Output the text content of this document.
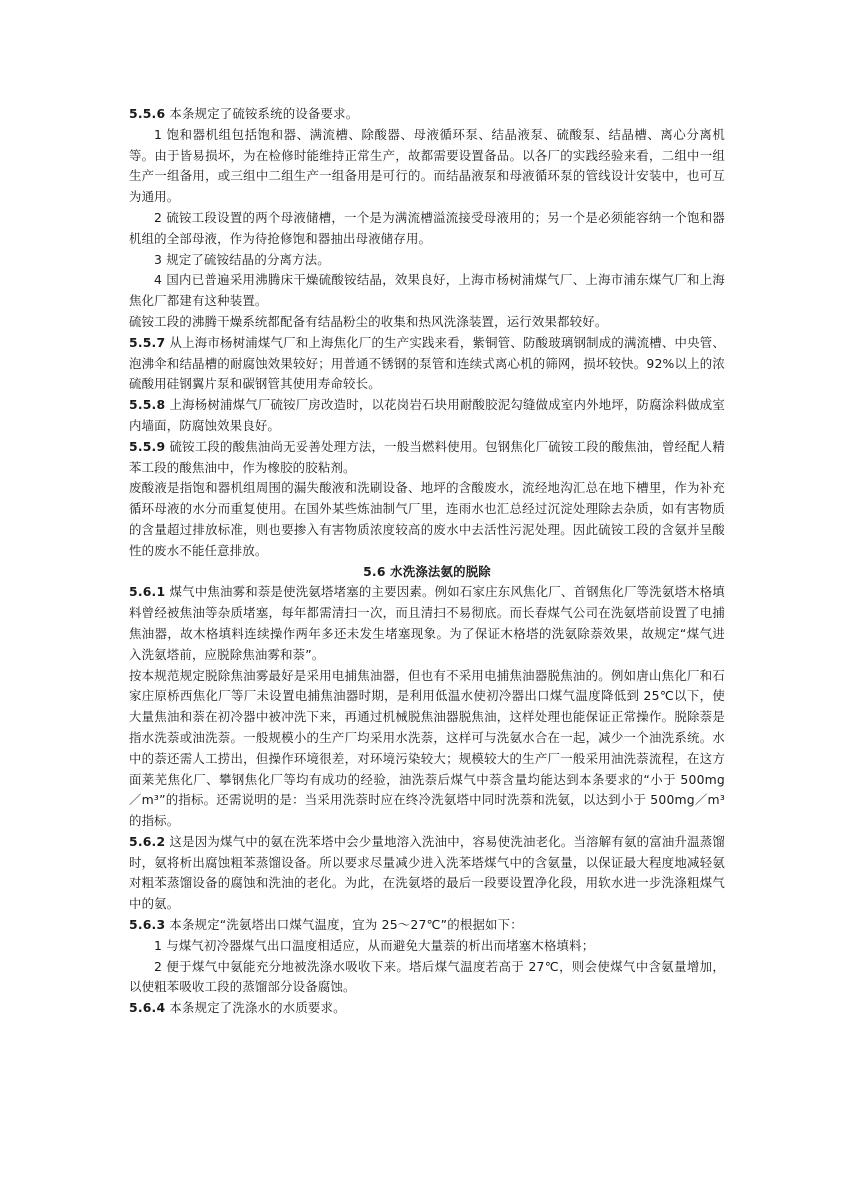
5.5.6 本条规定了硫铵系统的设备要求。

1 饱和器机组包括饱和器、满流槽、除酸器、母液循环泵、结晶液泵、硫酸泵、结晶槽、离心分离机等。由于皆易损坏，为在检修时能维持正常生产，故都需要设置备品。以各厂的实践经验来看，二组中一组生产一组备用，或三组中二组生产一组备用是可行的。而结晶液泵和母液循环泵的管线设计安装中，也可互为通用。

2 硫铵工段设置的两个母液储槽，一个是为满流槽溢流接受母液用的；另一个是必须能容纳一个饱和器机组的全部母液，作为待抢修饱和器抽出母液储存用。

3 规定了硫铵结晶的分离方法。

4 国内已普遍采用沸腾床干燥硫酸铵结晶，效果良好，上海市杨树浦煤气厂、上海市浦东煤气厂和上海焦化厂都建有这种装置。

硫铵工段的沸腾干燥系统都配备有结晶粉尘的收集和热风洗涤装置，运行效果都较好。

5.5.7 从上海市杨树浦煤气厂和上海焦化厂的生产实践来看，紫铜管、防酸玻璃钢制成的满流槽、中央管、泡沸伞和结晶槽的耐腐蚀效果较好；用普通不锈钢的泵管和连续式离心机的筛网，损坏较快。92%以上的浓硫酸用硅钢翼片泵和碳钢管其使用寿命较长。

5.5.8 上海杨树浦煤气厂硫铵厂房改造时，以花岗岩石块用耐酸胶泥勾缝做成室内外地坪，防腐涂料做成室内墙面，防腐蚀效果良好。

5.5.9 硫铵工段的酸焦油尚无妥善处理方法，一般当燃料使用。包钢焦化厂硫铵工段的酸焦油，曾经配人精苯工段的酸焦油中，作为橡胶的胶粘剂。

废酸液是指饱和器机组周围的漏失酸液和洗刷设备、地坪的含酸废水，流经地沟汇总在地下槽里，作为补充循环母液的水分而重复使用。在国外某些炼油制气厂里，连雨水也汇总经过沉淀处理除去杂质，如有害物质的含量超过排放标准，则也要掺入有害物质浓度较高的废水中去活性污泥处理。因此硫铵工段的含氨并呈酸性的废水不能任意排放。

5.6 水洗涤法氨的脱除

5.6.1 煤气中焦油雾和萘是使洗氨塔堵塞的主要因素。例如石家庄东风焦化厂、首钢焦化厂等洗氨塔木格填料曾经被焦油等杂质堵塞，每年都需清扫一次，而且清扫不易彻底。而长春煤气公司在洗氨塔前设置了电捕焦油器，故木格填料连续操作两年多还未发生堵塞现象。为了保证木格塔的洗氨除萘效果，故规定“煤气进入洗氨塔前，应脱除焦油雾和萘”。

按本规范规定脱除焦油雾最好是采用电捕焦油器，但也有不采用电捕焦油器脱焦油的。例如唐山焦化厂和石家庄原桥西焦化厂等厂未设置电捕焦油器时期，是利用低温水使初冷器出口煤气温度降低到 25℃以下，使大量焦油和萘在初冷器中被冲洗下来，再通过机械脱焦油器脱焦油，这样处理也能保证正常操作。脱除萘是指水洗萘或油洗萘。一般规模小的生产厂均采用水洗萘，这样可与洗氨水合在一起，减少一个油洗系统。水中的萘还需人工捞出，但操作环境很差，对环境污染较大；规模较大的生产厂一般采用油洗萘流程，在这方面莱芜焦化厂、攀钢焦化厂等均有成功的经验，油洗萘后煤气中萘含量均能达到本条要求的“小于 500mg／m³”的指标。还需说明的是：当采用洗萘时应在终冷洗氨塔中同时洗萘和洗氨，以达到小于 500mg／m³的指标。

5.6.2 这是因为煤气中的氨在洗苯塔中会少量地溶入洗油中，容易使洗油老化。当溶解有氨的富油升温蒸馏时，氨将析出腐蚀粗苯蒸馏设备。所以要求尽量减少进入洗苯塔煤气中的含氨量，以保证最大程度地减轻氨对粗苯蒸馏设备的腐蚀和洗油的老化。为此，在洗氨塔的最后一段要设置净化段，用软水进一步洗涤粗煤气中的氨。

5.6.3 本条规定“洗氨塔出口煤气温度，宜为 25～27℃”的根据如下：

1 与煤气初冷器煤气出口温度相适应，从而避免大量萘的析出而堵塞木格填料；

2 便于煤气中氨能充分地被洗涤水吸收下来。塔后煤气温度若高于 27℃，则会使煤气中含氨量增加，以使粗苯吸收工段的蒸馏部分设备腐蚀。

5.6.4 本条规定了洗涤水的水质要求。
